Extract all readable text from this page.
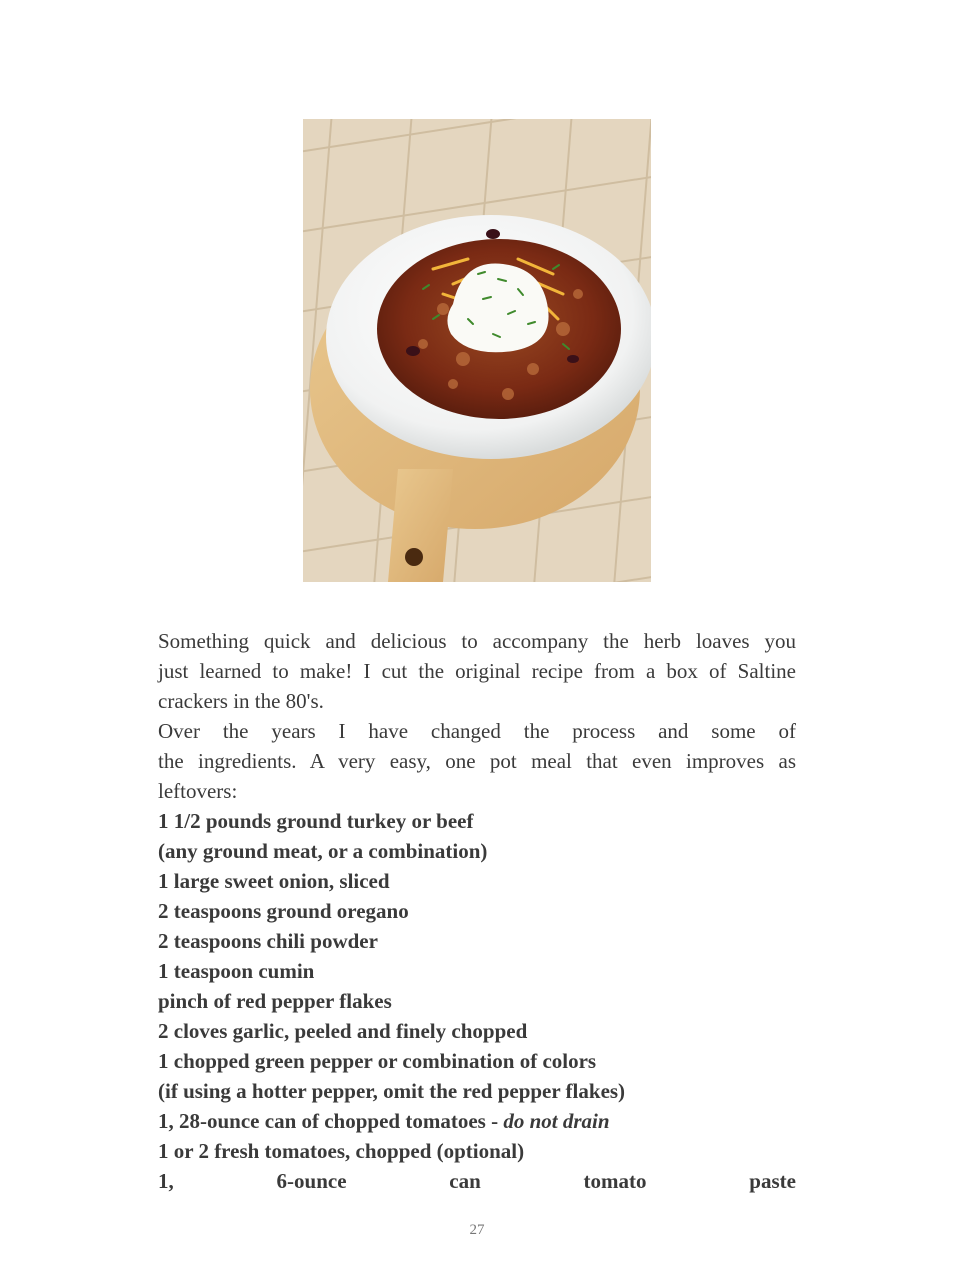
Something quick and delicious to accompany the herb loaves you

just learned to make! I cut the original recipe from a box of Saltine

crackers in the 80's.

Over the years I have changed the process and some of

the ingredients. A very easy, one pot meal that even improves as

leftovers:

1 1/2 pounds ground turkey or beef

(any ground meat, or a combination)

1 large sweet onion, sliced

2 teaspoons ground oregano

2 teaspoons chili powder

1 teaspoon cumin

pinch of red pepper flakes

2 cloves garlic, peeled and finely chopped

1 chopped green pepper or combination of colors

(if using a hotter pepper, omit the red pepper flakes)

1, 28-ounce can of chopped tomatoes - do not drain

1 or 2 fresh tomatoes, chopped (optional)

1,	6-ounce	can	tomato	paste

27
